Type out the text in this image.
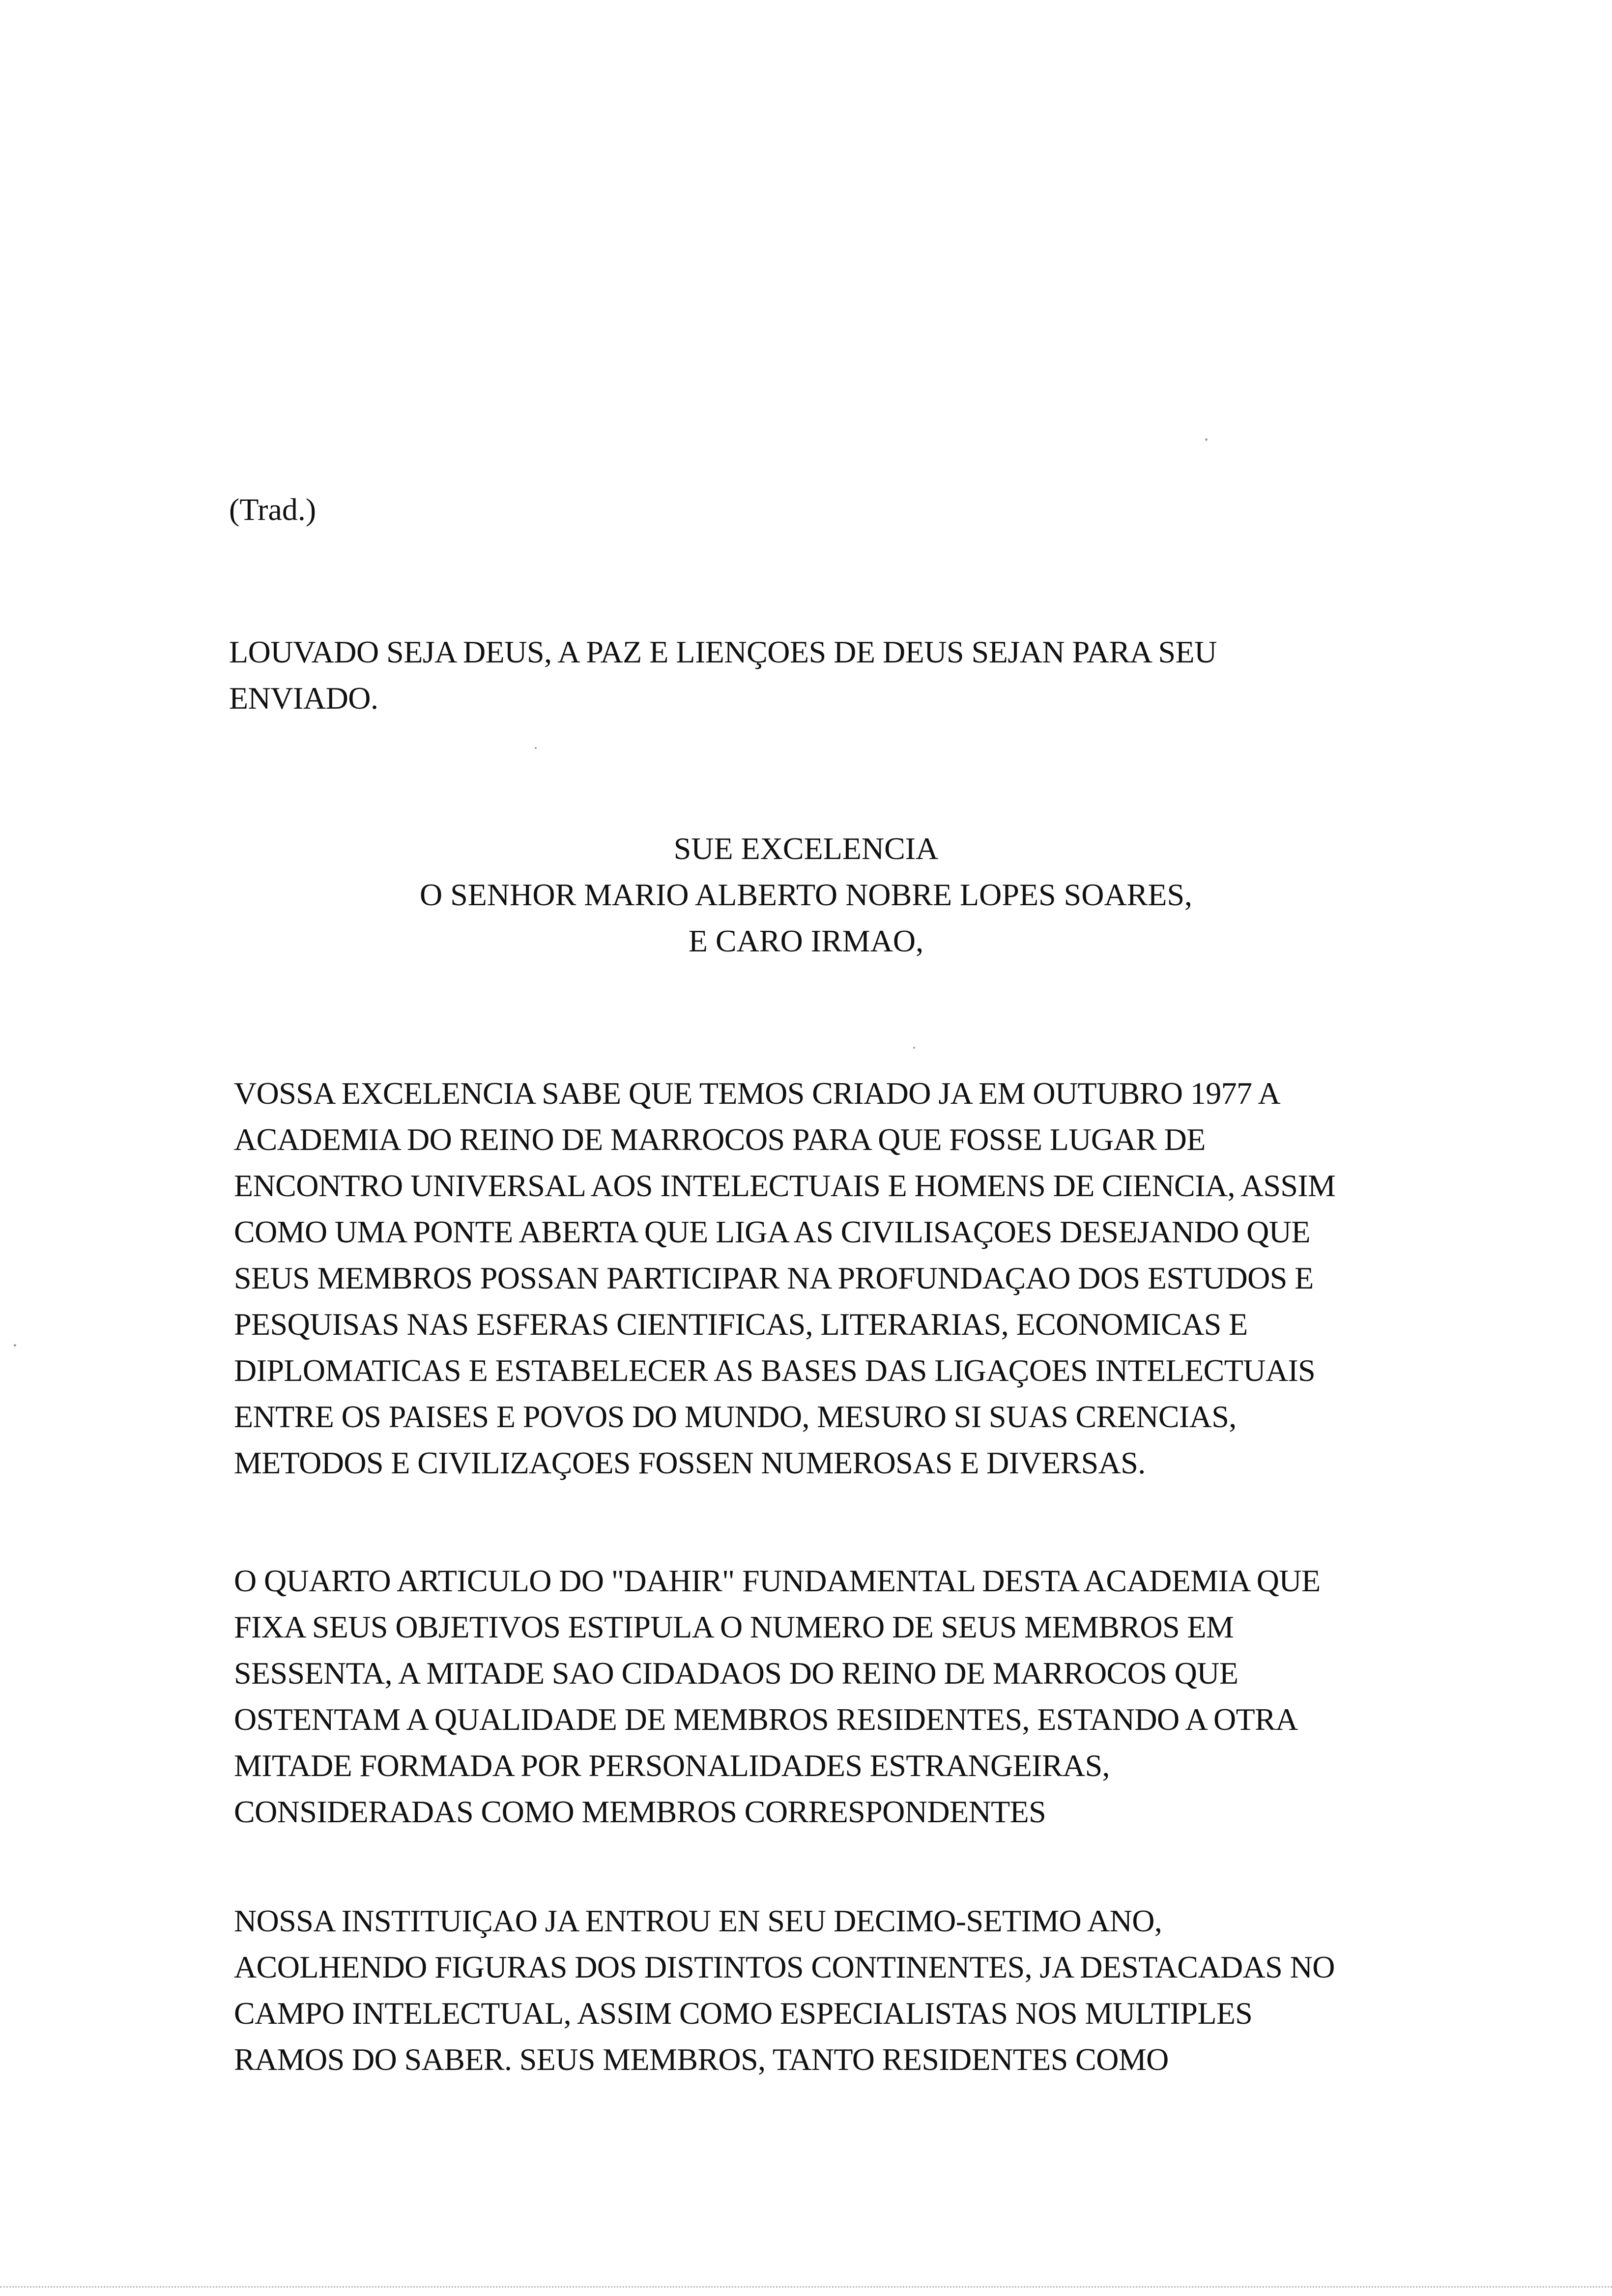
(Trad.)

LOUVADO SEJA DEUS, A PAZ E LIENÇOES DE DEUS SEJAN PARA SEU
ENVIADO.
SUE EXCELENCIA
O SENHOR MARIO ALBERTO NOBRE LOPES SOARES,
E CARO IRMAO,
VOSSA EXCELENCIA SABE QUE TEMOS CRIADO JA EM OUTUBRO 1977 A
ACADEMIA DO REINO DE MARROCOS PARA QUE FOSSE LUGAR DE
ENCONTRO UNIVERSAL AOS INTELECTUAIS E HOMENS DE CIENCIA, ASSIM
COMO UMA PONTE ABERTA QUE LIGA AS CIVILISAÇOES DESEJANDO QUE
SEUS MEMBROS POSSAN PARTICIPAR NA PROFUNDAÇAO DOS ESTUDOS E
PESQUISAS NAS ESFERAS CIENTIFICAS, LITERARIAS, ECONOMICAS E
DIPLOMATICAS E ESTABELECER AS BASES DAS LIGAÇOES INTELECTUAIS
ENTRE OS PAISES E POVOS DO MUNDO, MESURO SI SUAS CRENCIAS,
METODOS E CIVILIZAÇOES FOSSEN NUMEROSAS E DIVERSAS.
O QUARTO ARTICULO DO "DAHIR" FUNDAMENTAL DESTA ACADEMIA QUE
FIXA SEUS OBJETIVOS ESTIPULA O NUMERO DE SEUS MEMBROS EM
SESSENTA, A MITADE SAO CIDADAOS DO REINO DE MARROCOS QUE
OSTENTAM A QUALIDADE DE MEMBROS RESIDENTES, ESTANDO A OTRA
MITADE FORMADA POR PERSONALIDADES ESTRANGEIRAS,
CONSIDERADAS COMO MEMBROS CORRESPONDENTES
NOSSA INSTITUIÇAO JA ENTROU EN SEU DECIMO-SETIMO ANO,
ACOLHENDO FIGURAS DOS DISTINTOS CONTINENTES, JA DESTACADAS NO
CAMPO INTELECTUAL, ASSIM COMO ESPECIALISTAS NOS MULTIPLES
RAMOS DO SABER. SEUS MEMBROS, TANTO RESIDENTES COMO
